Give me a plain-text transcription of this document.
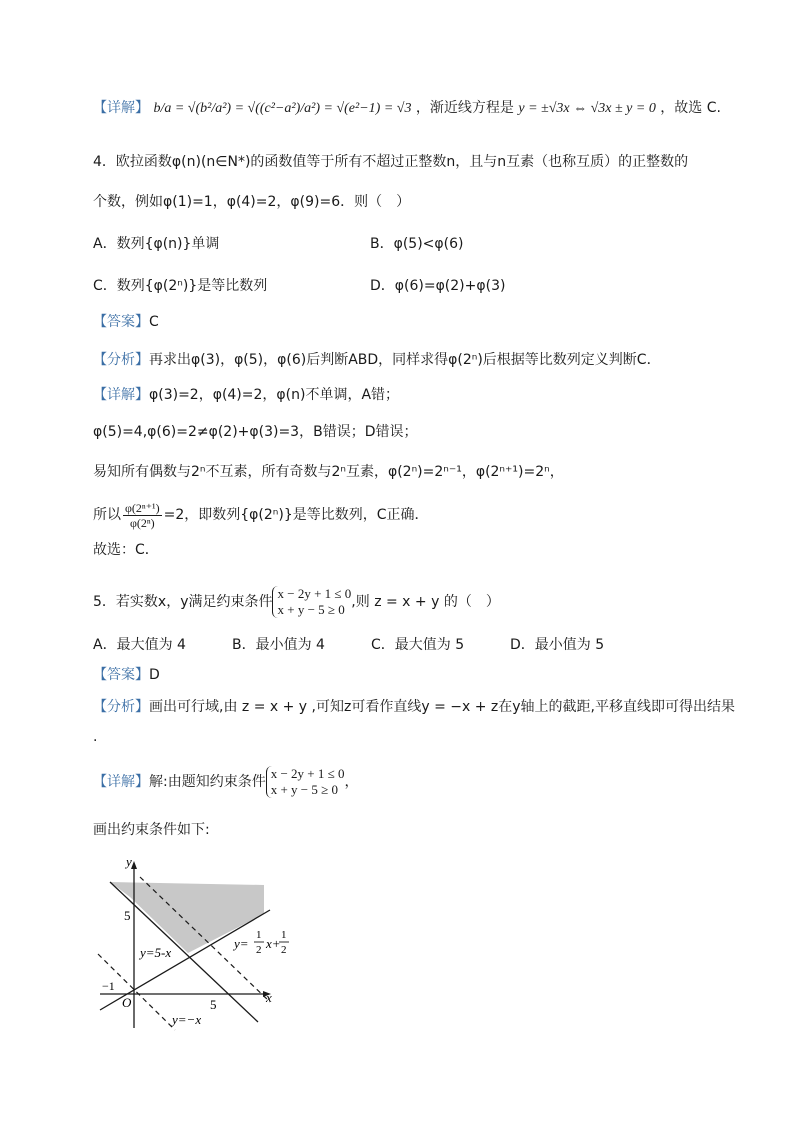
【详解】 b/a = √(b²/a²) = √((c²−a²)/a²) = √(e²−1) = √3 ，渐近线方程是 y = ±√3x ⇔ √3x ± y = 0 ，故选 C.
4．欧拉函数φ(n)(n∈N*)的函数值等于所有不超过正整数n，且与n互素（也称互质）的正整数的
个数，例如φ(1)=1，φ(4)=2，φ(9)=6．则（　）
A．数列{φ(n)}单调	B．φ(5)<φ(6)
C．数列{φ(2ⁿ)}是等比数列	D．φ(6)=φ(2)+φ(3)
【答案】C
【分析】再求出φ(3)，φ(5)，φ(6)后判断ABD，同样求得φ(2ⁿ)后根据等比数列定义判断C．
【详解】φ(3)=2，φ(4)=2，φ(n)不单调，A错；
φ(5)=4,φ(6)=2≠φ(2)+φ(3)=3，B错误；D错误；
易知所有偶数与2ⁿ不互素，所有奇数与2ⁿ互素，φ(2ⁿ)=2ⁿ⁻¹，φ(2ⁿ⁺¹)=2ⁿ，
所以 $\frac{\text{φ(2ⁿ⁺¹)}}{\text{φ(2ⁿ)}} =2$，即数列{φ(2ⁿ)}是等比数列，C正确．
故选：C．
5．若实数x，y满足约束条件
x − 2y + 1 ≤ 0
x + y − 5 ≥ 0 ,则 z = x + y 的（　）
A．最大值为 4	B．最小值为 4	C．最大值为 5	D．最小值为 5
【答案】D
【分析】画出可行域,由 z = x + y ,可知z可看作直线y = −x + z在y轴上的截距,平移直线即可得出结果
.
【详解】解:由题知约束条件
x − 2y + 1 ≤ 0
x + y − 5 ≥ 0 ，
画出约束条件如下:
y
x
O
5
5
−1
y=5-x
y=−x
y=
1
2 x+
1
2
